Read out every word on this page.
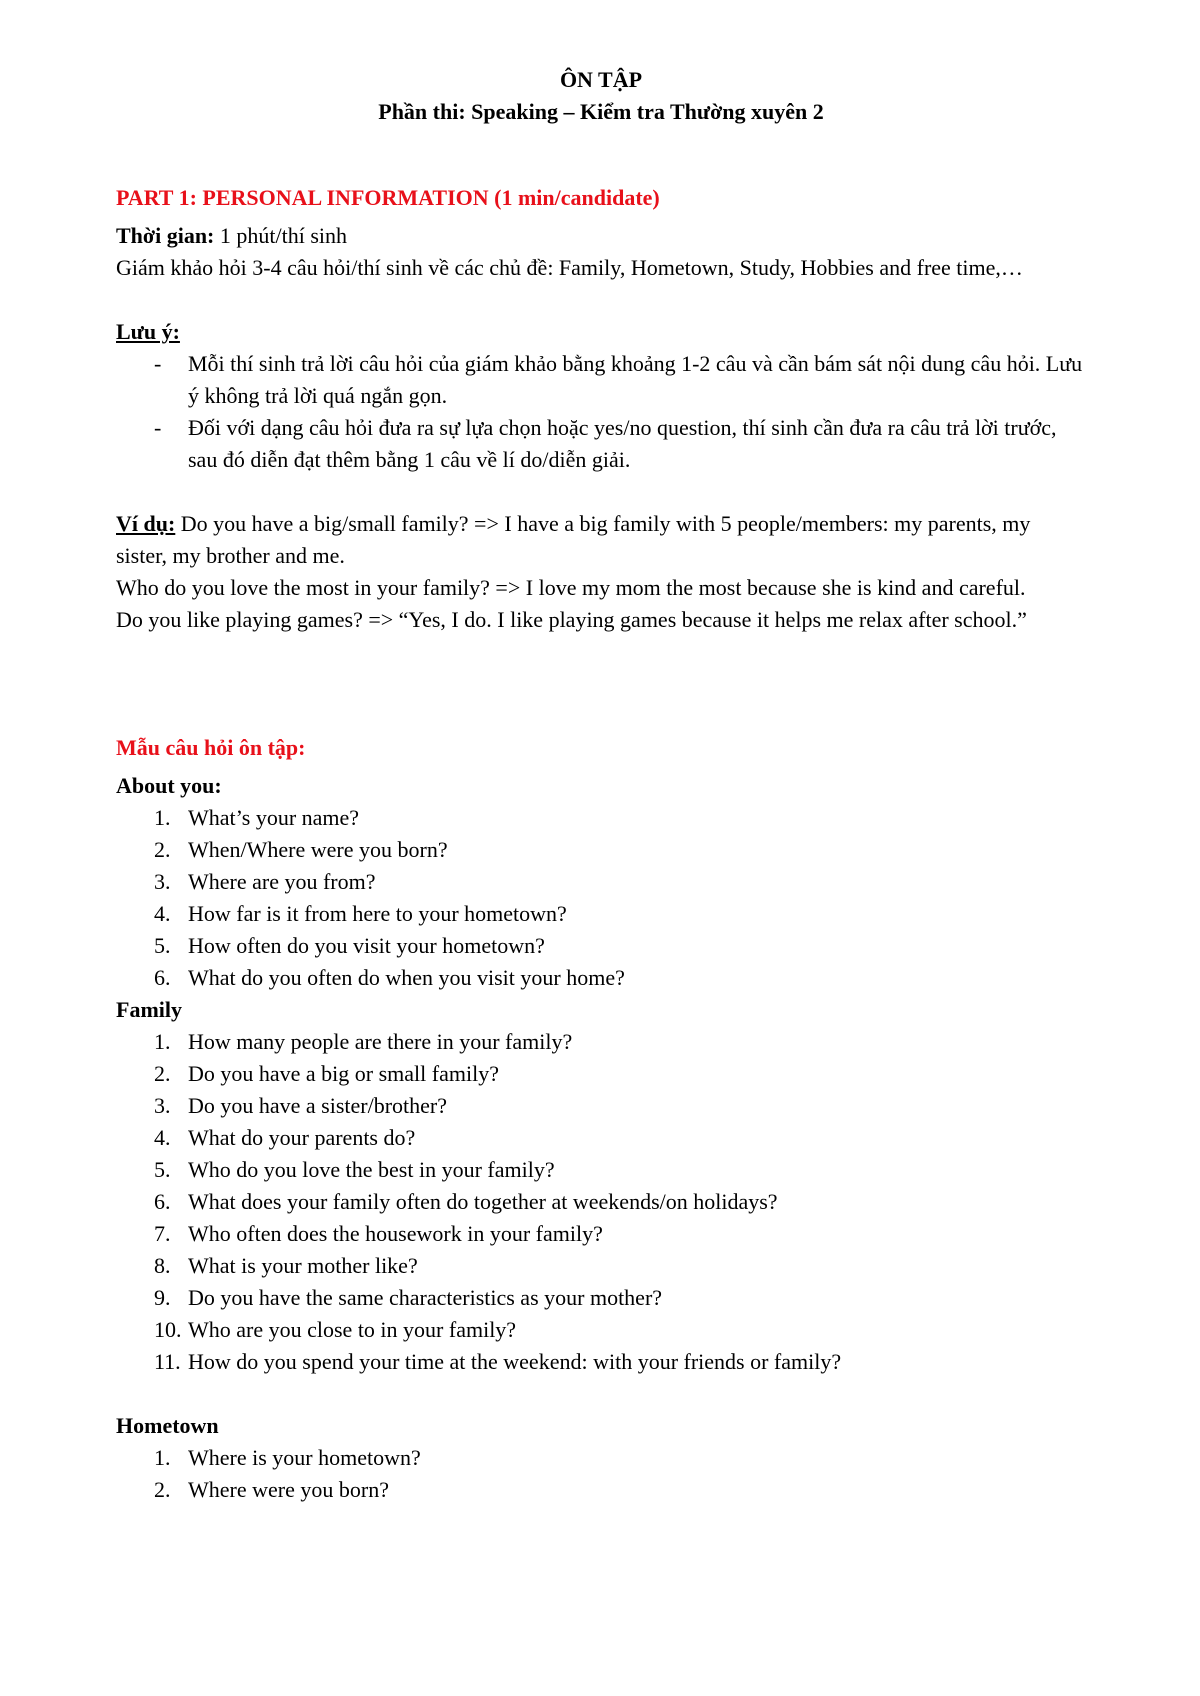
ÔN TẬP

Phần thi: Speaking – Kiểm tra Thường xuyên 2

PART 1: PERSONAL INFORMATION (1 min/candidate)

Thời gian: 1 phút/thí sinh

Giám khảo hỏi 3-4 câu hỏi/thí sinh về các chủ đề: Family, Hometown, Study, Hobbies and free time,…

Lưu ý:

- Mỗi thí sinh trả lời câu hỏi của giám khảo bằng khoảng 1-2 câu và cần bám sát nội dung câu hỏi. Lưu ý không trả lời quá ngắn gọn.
- Đối với dạng câu hỏi đưa ra sự lựa chọn hoặc yes/no question, thí sinh cần đưa ra câu trả lời trước, sau đó diễn đạt thêm bằng 1 câu về lí do/diễn giải.

Ví dụ: Do you have a big/small family? => I have a big family with 5 people/members: my parents, my sister, my brother and me.

Who do you love the most in your family? => I love my mom the most because she is kind and careful.

Do you like playing games? => “Yes, I do. I like playing games because it helps me relax after school.”

Mẫu câu hỏi ôn tập:

About you:

1. What’s your name?
2. When/Where were you born?
3. Where are you from?
4. How far is it from here to your hometown?
5. How often do you visit your hometown?
6. What do you often do when you visit your home?

Family

1. How many people are there in your family?
2. Do you have a big or small family?
3. Do you have a sister/brother?
4. What do your parents do?
5. Who do you love the best in your family?
6. What does your family often do together at weekends/on holidays?
7. Who often does the housework in your family?
8. What is your mother like?
9. Do you have the same characteristics as your mother?
10. Who are you close to in your family?
11. How do you spend your time at the weekend: with your friends or family?

Hometown

1. Where is your hometown?
2. Where were you born?
